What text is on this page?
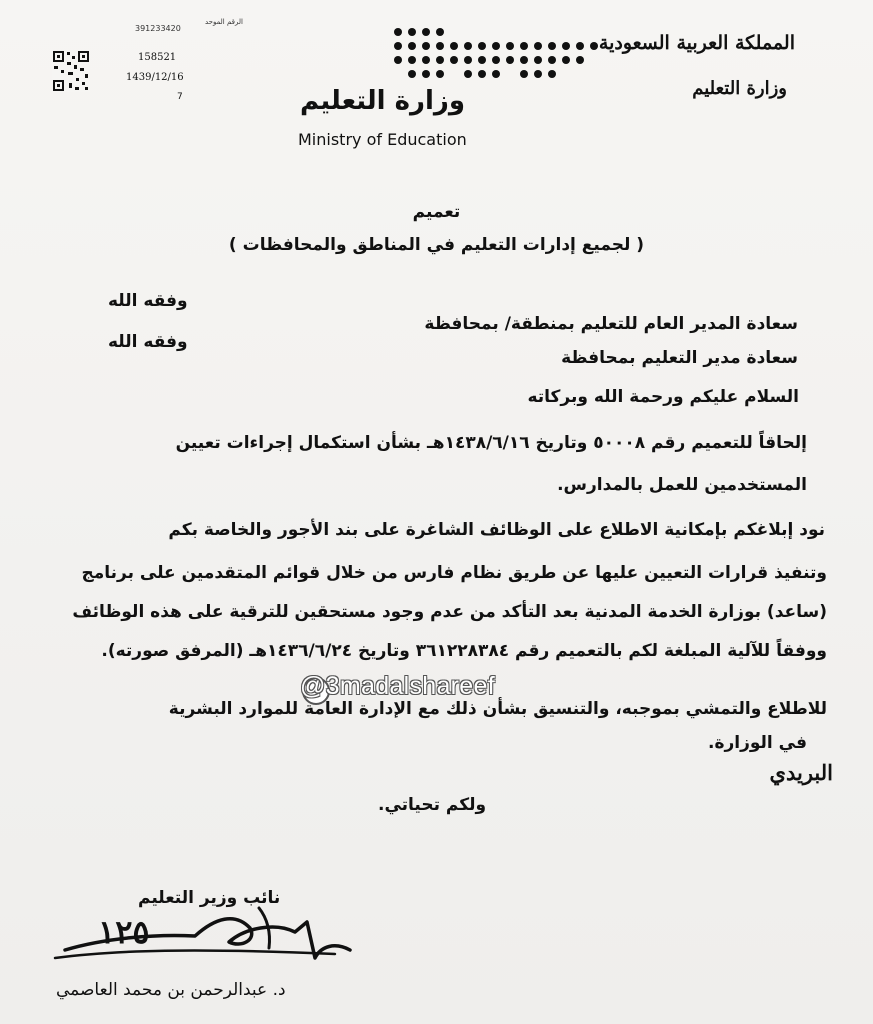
المملكة العربية السعودية
وزارة التعليم
وزارة التعليم
Ministry of Education
الرقم الموحد
391233420
158521
1439/12/16
7
تعميم
( لجميع إدارات التعليم في المناطق والمحافظات )
سعادة المدير العام للتعليم بمنطقة/ بمحافظة
وفقه الله
سعادة مدير التعليم بمحافظة
وفقه الله
السلام عليكم ورحمة الله وبركاته
إلحاقاً للتعميم رقم ٥٠٠٠٨ وتاريخ ١٤٣٨/٦/١٦هـ بشأن استكمال إجراءات تعيين
المستخدمين للعمل بالمدارس.
نود إبلاغكم بإمكانية الاطلاع على الوظائف الشاغرة على بند الأجور والخاصة بكم
وتنفيذ قرارات التعيين عليها عن طريق نظام فارس من خلال قوائم المتقدمين على برنامج
(ساعد) بوزارة الخدمة المدنية بعد التأكد من عدم وجود مستحقين للترقية على هذه الوظائف
ووفقاً للآلية المبلغة لكم بالتعميم رقم ٣٦١٢٢٨٣٨٤ وتاريخ ١٤٣٦/٦/٢٤هـ (المرفق صورته).
@3madalshareef
للاطلاع والتمشي بموجبه، والتنسيق بشأن ذلك مع الإدارة العامة للموارد البشرية
في الوزارة.
البريدي
ولكم تحياتي.
نائب وزير التعليم
١٢٥
د. عبدالرحمن بن محمد العاصمي
